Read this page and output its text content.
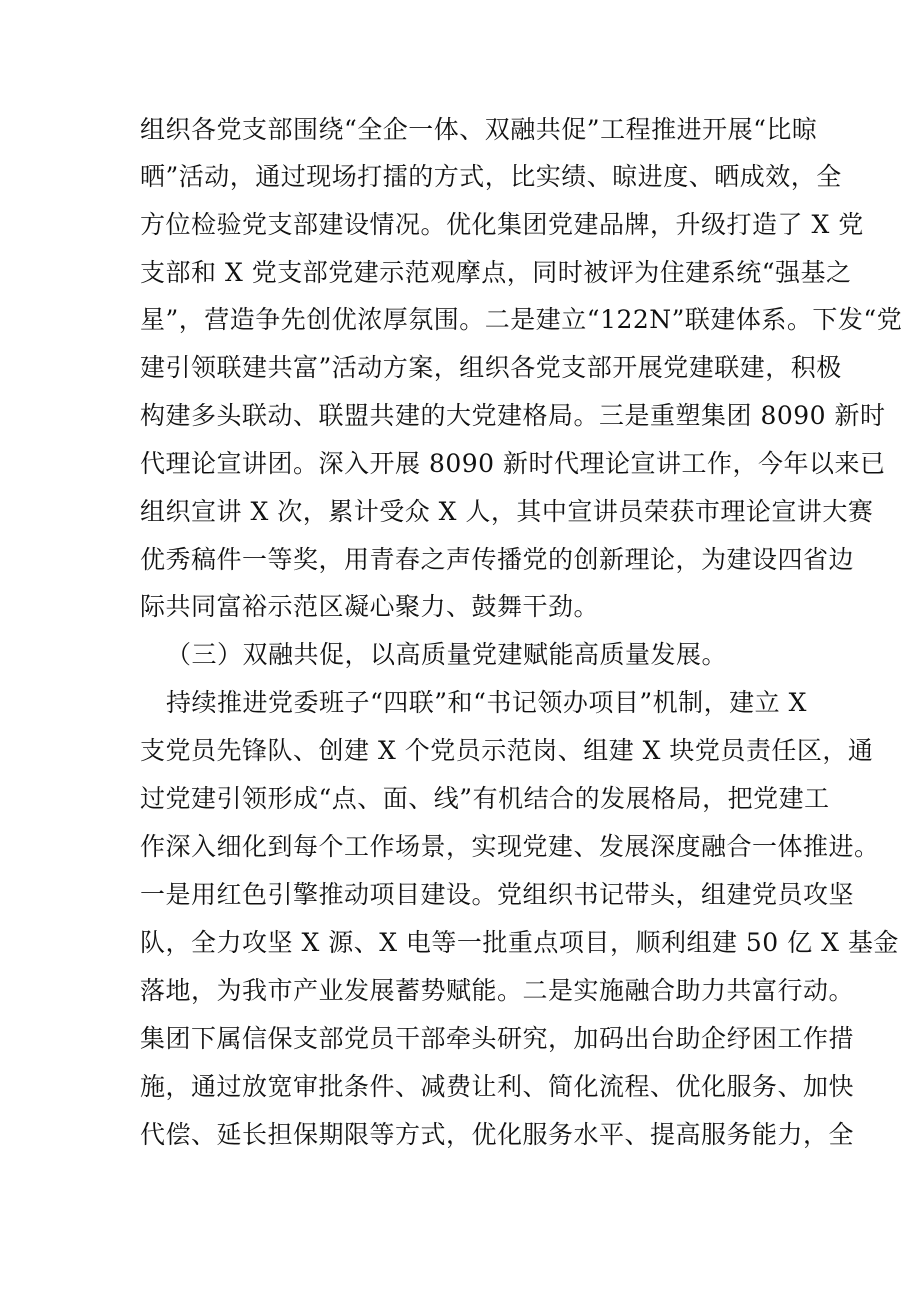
组织各党支部围绕“全企一体、双融共促”工程推进开展“比晾
晒”活动，通过现场打擂的方式，比实绩、晾进度、晒成效，全
方位检验党支部建设情况。优化集团党建品牌，升级打造了 X 党
支部和 X 党支部党建示范观摩点，同时被评为住建系统“强基之
星”，营造争先创优浓厚氛围。二是建立“122N”联建体系。下发“党
建引领联建共富”活动方案，组织各党支部开展党建联建，积极
构建多头联动、联盟共建的大党建格局。三是重塑集团 8090 新时
代理论宣讲团。深入开展 8090 新时代理论宣讲工作，今年以来已
组织宣讲 X 次，累计受众 X 人，其中宣讲员荣获市理论宣讲大赛
优秀稿件一等奖，用青春之声传播党的创新理论，为建设四省边
际共同富裕示范区凝心聚力、鼓舞干劲。
（三）双融共促，以高质量党建赋能高质量发展。
持续推进党委班子“四联”和“书记领办项目”机制，建立 X
支党员先锋队、创建 X 个党员示范岗、组建 X 块党员责任区，通
过党建引领形成“点、面、线”有机结合的发展格局，把党建工
作深入细化到每个工作场景，实现党建、发展深度融合一体推进。
一是用红色引擎推动项目建设。党组织书记带头，组建党员攻坚
队，全力攻坚 X 源、X 电等一批重点项目，顺利组建 50 亿 X 基金
落地，为我市产业发展蓄势赋能。二是实施融合助力共富行动。
集团下属信保支部党员干部牵头研究，加码出台助企纾困工作措
施，通过放宽审批条件、减费让利、简化流程、优化服务、加快
代偿、延长担保期限等方式，优化服务水平、提高服务能力，全
